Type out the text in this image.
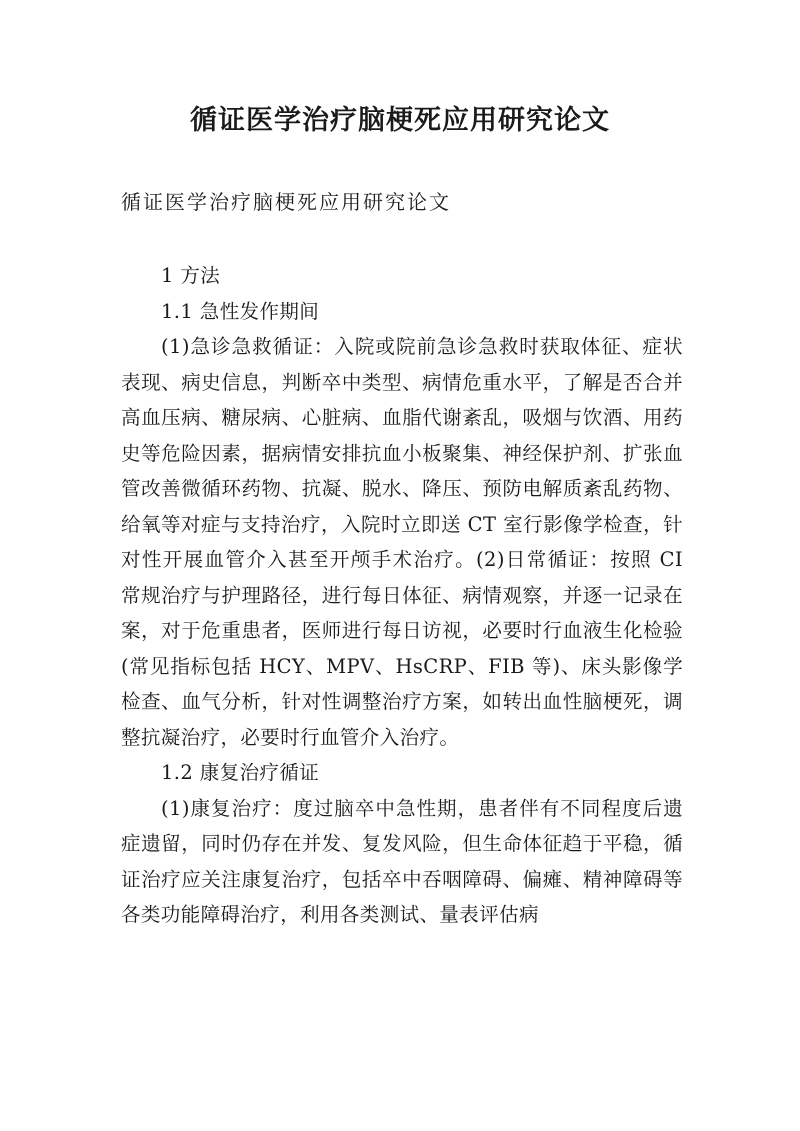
循证医学治疗脑梗死应用研究论文

循证医学治疗脑梗死应用研究论文

1 方法

1.1 急性发作期间

(1)急诊急救循证：入院或院前急诊急救时获取体征、症状表现、病史信息，判断卒中类型、病情危重水平，了解是否合并高血压病、糖尿病、心脏病、血脂代谢紊乱，吸烟与饮酒、用药史等危险因素，据病情安排抗血小板聚集、神经保护剂、扩张血管改善微循环药物、抗凝、脱水、降压、预防电解质紊乱药物、给氧等对症与支持治疗，入院时立即送 CT 室行影像学检查，针对性开展血管介入甚至开颅手术治疗。(2)日常循证：按照 CI 常规治疗与护理路径，进行每日体征、病情观察，并逐一记录在案，对于危重患者，医师进行每日访视，必要时行血液生化检验(常见指标包括 HCY、MPV、HsCRP、FIB 等)、床头影像学检查、血气分析，针对性调整治疗方案，如转出血性脑梗死，调整抗凝治疗，必要时行血管介入治疗。

1.2 康复治疗循证

(1)康复治疗：度过脑卒中急性期，患者伴有不同程度后遗症遗留，同时仍存在并发、复发风险，但生命体征趋于平稳，循证治疗应关注康复治疗，包括卒中吞咽障碍、偏瘫、精神障碍等各类功能障碍治疗，利用各类测试、量表评估病
